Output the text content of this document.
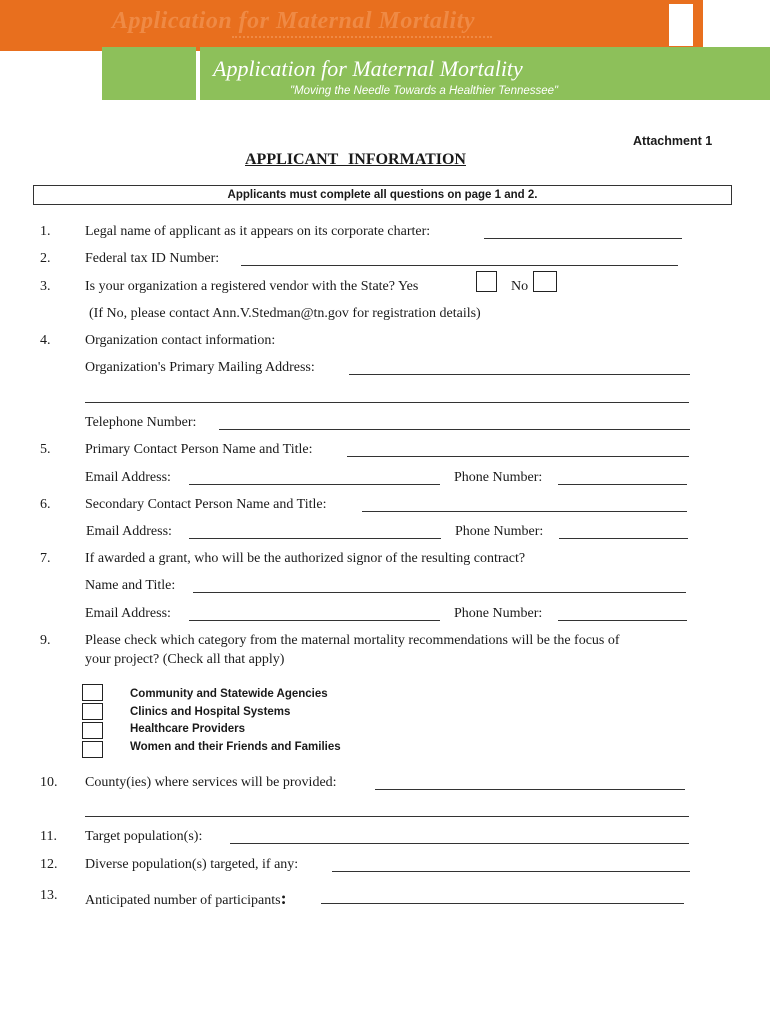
Application for Maternal Mortality
Application for Maternal Mortality
"Moving the Needle Towards a Healthier Tennessee"
Attachment 1
APPLICANT INFORMATION
Applicants must complete all questions on page 1 and 2.
1. Legal name of applicant as it appears on its corporate charter:
2. Federal tax ID Number:
3. Is your organization a registered vendor with the State? Yes	No
(If No, please contact Ann.V.Stedman@tn.gov for registration details)
4. Organization contact information:
Organization's Primary Mailing Address:
Telephone Number:
5. Primary Contact Person Name and Title:
Email Address:	Phone Number:
6. Secondary Contact Person Name and Title:
Email Address:	Phone Number:
7. If awarded a grant, who will be the authorized signor of the resulting contract?
Name and Title:
Email Address:	Phone Number:
9. Please check which category from the maternal mortality recommendations will be the focus of
your project? (Check all that apply)
Community and Statewide Agencies
Clinics and Hospital Systems
Healthcare Providers
Women and their Friends and Families
10. County(ies) where services will be provided:
11. Target population(s):
12. Diverse population(s) targeted, if any:
13. Anticipated number of participants:
